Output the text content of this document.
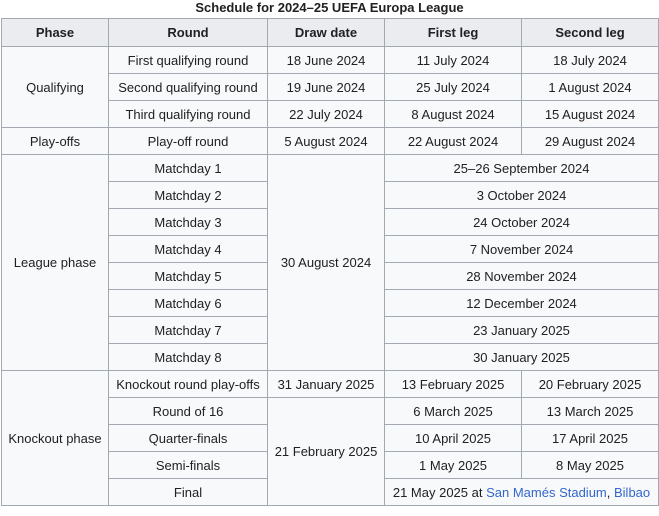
Schedule for 2024–25 UEFA Europa League
Phase	Round	Draw date	First leg	Second leg
Qualifying	First qualifying round	18 June 2024	11 July 2024	18 July 2024
	Second qualifying round	19 June 2024	25 July 2024	1 August 2024
	Third qualifying round	22 July 2024	8 August 2024	15 August 2024
Play-offs	Play-off round	5 August 2024	22 August 2024	29 August 2024
League phase	Matchday 1	30 August 2024	25–26 September 2024	
	Matchday 2		3 October 2024	
	Matchday 3		24 October 2024	
	Matchday 4		7 November 2024	
	Matchday 5		28 November 2024	
	Matchday 6		12 December 2024	
	Matchday 7		23 January 2025	
	Matchday 8		30 January 2025	
Knockout phase	Knockout round play-offs	31 January 2025	13 February 2025	20 February 2025
	Round of 16	21 February 2025	6 March 2025	13 March 2025
	Quarter-finals		10 April 2025	17 April 2025
	Semi-finals		1 May 2025	8 May 2025
	Final		21 May 2025 at San Mamés Stadium, Bilbao	
